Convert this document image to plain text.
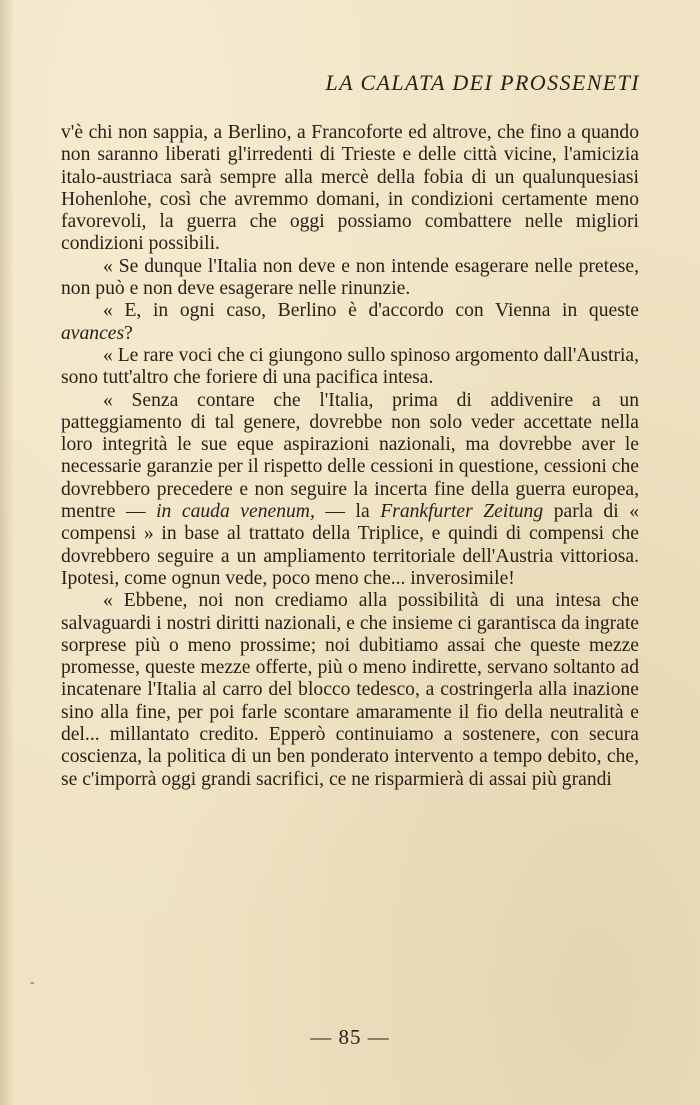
LA CALATA DEI PROSSENETI

v'è chi non sappia, a Berlino, a Francoforte ed altrove, che fino a quando non saranno liberati gl'irredenti di Trieste e delle città vicine, l'amicizia italo-austriaca sarà sempre alla mercè della fobia di un qualunquesiasi Hohenlohe, così che avremmo domani, in condizioni certamente meno favorevoli, la guerra che oggi possiamo combattere nelle migliori condizioni possibili.

« Se dunque l'Italia non deve e non intende esagerare nelle pretese, non può e non deve esagerare nelle rinunzie.

« E, in ogni caso, Berlino è d'accordo con Vienna in queste avances?

« Le rare voci che ci giungono sullo spinoso argomento dall'Austria, sono tutt'altro che foriere di una pacifica intesa.

« Senza contare che l'Italia, prima di addivenire a un patteggiamento di tal genere, dovrebbe non solo veder accettate nella loro integrità le sue eque aspirazioni nazionali, ma dovrebbe aver le necessarie garanzie per il rispetto delle cessioni in questione, cessioni che dovrebbero precedere e non seguire la incerta fine della guerra europea, mentre — in cauda venenum, — la Frankfurter Zeitung parla di « compensi » in base al trattato della Triplice, e quindi di compensi che dovrebbero seguire a un ampliamento territoriale dell'Austria vittoriosa. Ipotesi, come ognun vede, poco meno che... inverosimile!

« Ebbene, noi non crediamo alla possibilità di una intesa che salvaguardi i nostri diritti nazionali, e che insieme ci garantisca da ingrate sorprese più o meno prossime; noi dubitiamo assai che queste mezze promesse, queste mezze offerte, più o meno indirette, servano soltanto ad incatenare l'Italia al carro del blocco tedesco, a costringerla alla inazione sino alla fine, per poi farle scontare amaramente il fio della neutralità e del... millantato credito. Epperò continuiamo a sostenere, con secura coscienza, la politica di un ben ponderato intervento a tempo debito, che, se c'imporrà oggi grandi sacrifici, ce ne risparmierà di assai più grandi

-
— 85 —
